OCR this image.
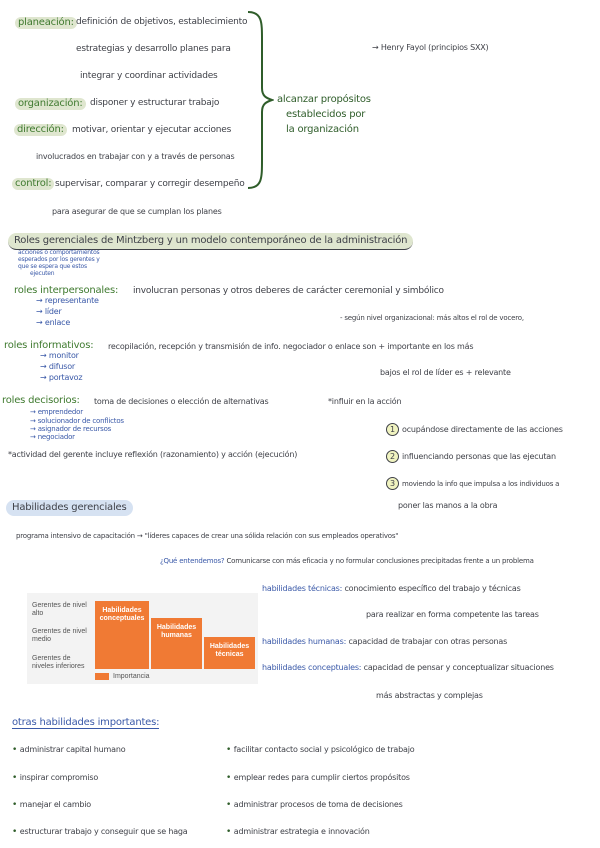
planeación: definición de objetivos, establecimiento
estrategias y desarrollo planes para
integrar y coordinar actividades
organización: disponer y estructurar trabajo
dirección: motivar, orientar y ejecutar acciones
involucrados en trabajar con y a través de personas
control: supervisar, comparar y corregir desempeño
para asegurar de que se cumplan los planes
alcanzar propósitos
establecidos por
la organización
→ Henry Fayol (principios SXX)
Roles gerenciales de Mintzberg y un modelo contemporáneo de la administración
acciones o comportamientos
esperados por los gerentes y
que se espera que estos
ejecuten
roles interpersonales: involucran personas y otros deberes de carácter ceremonial y simbólico
→ representante
→ líder
→ enlace	- según nivel organizacional: más altos el rol de vocero,
roles informativos: recopilación, recepción y transmisión de info. negociador o enlace son + importante en los más
bajos el rol de líder es + relevante
→ monitor
→ difusor
→ portavoz
roles decisorios: toma de decisiones o elección de alternativas
→ emprendedor
→ solucionador de conflictos
→ asignador de recursos
→ negociador
*influir en la acción
1 ocupándose directamente de las acciones
2 influenciando personas que las ejecutan
3 moviendo la info que impulsa a los individuos a
poner las manos a la obra
*actividad del gerente incluye reflexión (razonamiento) y acción (ejecución)
Habilidades gerenciales
programa intensivo de capacitación → "líderes capaces de crear una sólida relación con sus empleados operativos"
¿Qué entendemos? Comunicarse con más eficacia y no formular conclusiones precipitadas frente a un problema
habilidades técnicas: conocimiento específico del trabajo y técnicas
para realizar en forma competente las tareas
habilidades humanas: capacidad de trabajar con otras personas
habilidades conceptuales: capacidad de pensar y conceptualizar situaciones
más abstractas y complejas
Gerentes de nivel alto
Gerentes de nivel medio
Gerentes de niveles inferiores
Habilidades conceptuales
Habilidades humanas
Habilidades técnicas
Importancia
otras habilidades importantes:
• administrar capital humano
• inspirar compromiso
• manejar el cambio
• estructurar trabajo y conseguir que se haga
• facilitar contacto social y psicológico de trabajo
• emplear redes para cumplir ciertos propósitos
• administrar procesos de toma de decisiones
• administrar estrategia e innovación
